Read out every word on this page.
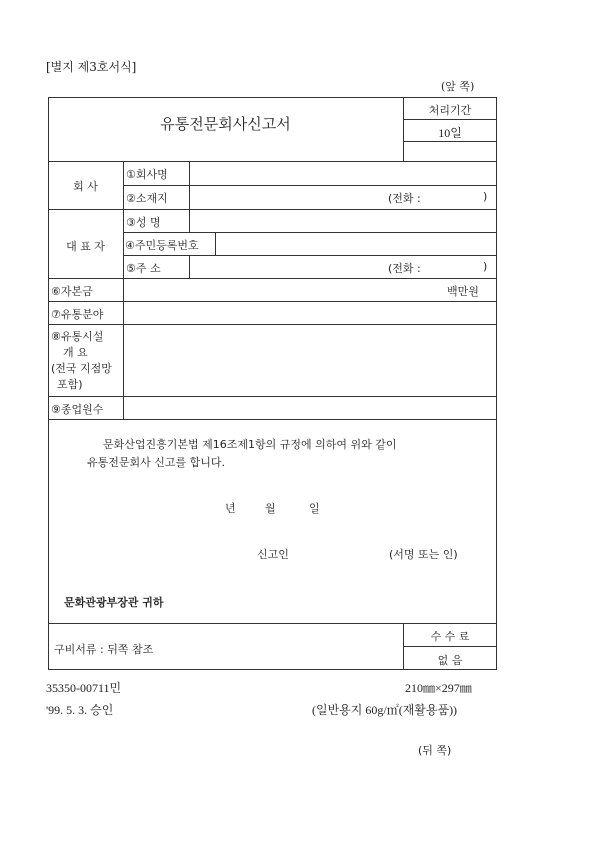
[별지 제3호서식]
(앞 쪽)
유통전문회사신고서
처리기간
10일
회 사
①회사명
②소재지	(전화 :	)
대 표 자
③성 명
④주민등록번호
⑤주 소	(전화 :	)
⑥자본금	백만원
⑦유통분야
⑧유통시설
개 요
(전국 지점망
포함)
⑨종업원수
문화산업진흥기본법 제16조제1항의 규정에 의하여 위와 같이
유통전문회사 신고를 합니다.
년	월	일
신고인	(서명 또는 인)
문화관광부장관 귀하
구비서류 : 뒤쪽 참조
수 수 료
없 음
35350-00711민	210㎜×297㎜
'99. 5. 3. 승인	(일반용지 60g/㎡(재활용품))
(뒤 쪽)
